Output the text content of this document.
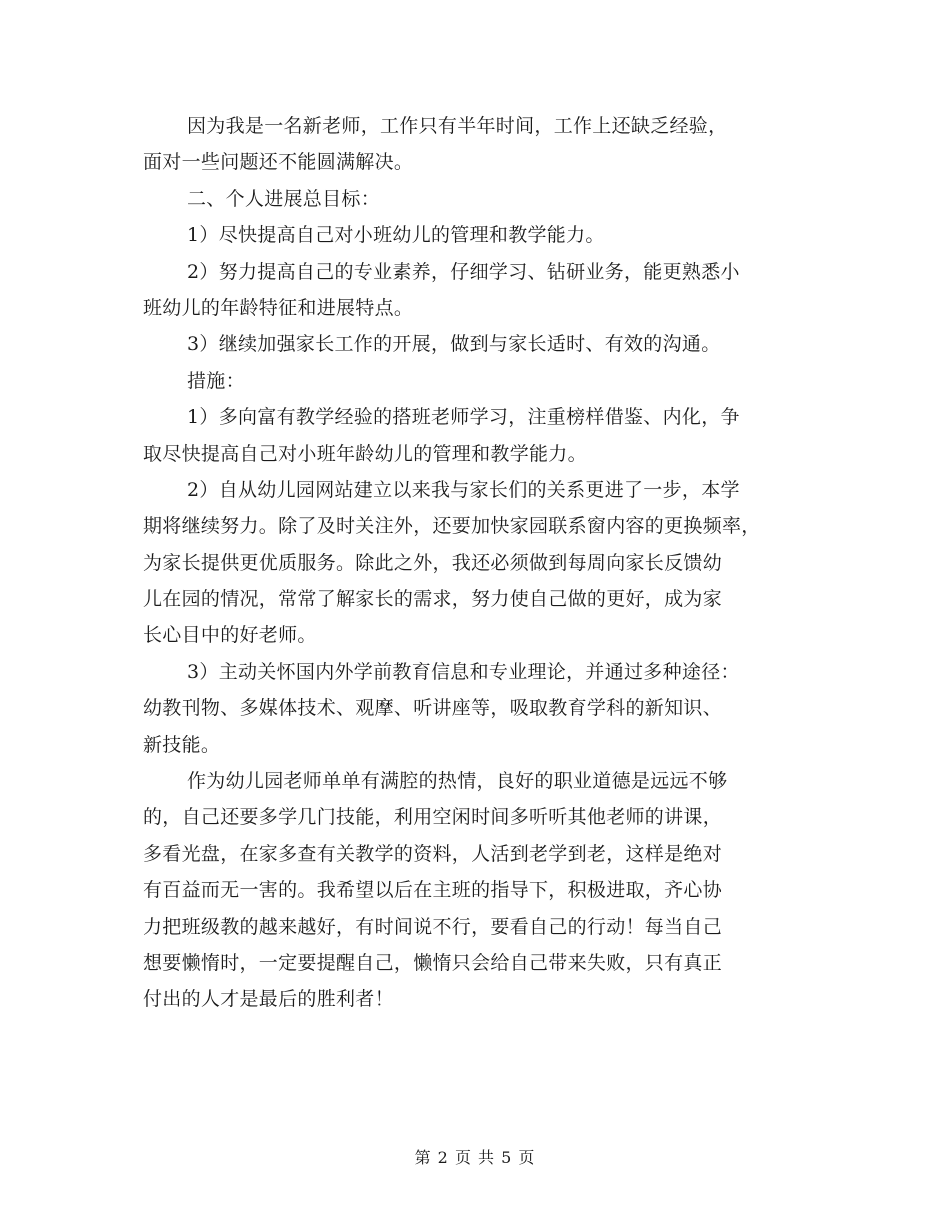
因为我是一名新老师，工作只有半年时间，工作上还缺乏经验，
面对一些问题还不能圆满解决。
二、个人进展总目标：
1）尽快提高自己对小班幼儿的管理和教学能力。
2）努力提高自己的专业素养，仔细学习、钻研业务，能更熟悉小
班幼儿的年龄特征和进展特点。
3）继续加强家长工作的开展，做到与家长适时、有效的沟通。
措施：
1）多向富有教学经验的搭班老师学习，注重榜样借鉴、内化，争
取尽快提高自己对小班年龄幼儿的管理和教学能力。
2）自从幼儿园网站建立以来我与家长们的关系更进了一步，本学
期将继续努力。除了及时关注外，还要加快家园联系窗内容的更换频率，
为家长提供更优质服务。除此之外，我还必须做到每周向家长反馈幼
儿在园的情况，常常了解家长的需求，努力使自己做的更好，成为家
长心目中的好老师。
3）主动关怀国内外学前教育信息和专业理论，并通过多种途径：
幼教刊物、多媒体技术、观摩、听讲座等，吸取教育学科的新知识、
新技能。
作为幼儿园老师单单有满腔的热情，良好的职业道德是远远不够
的，自己还要多学几门技能，利用空闲时间多听听其他老师的讲课，
多看光盘，在家多查有关教学的资料，人活到老学到老，这样是绝对
有百益而无一害的。我希望以后在主班的指导下，积极进取，齐心协
力把班级教的越来越好，有时间说不行，要看自己的行动！每当自己
想要懒惰时，一定要提醒自己，懒惰只会给自己带来失败，只有真正
付出的人才是最后的胜利者！
第 2 页 共 5 页
